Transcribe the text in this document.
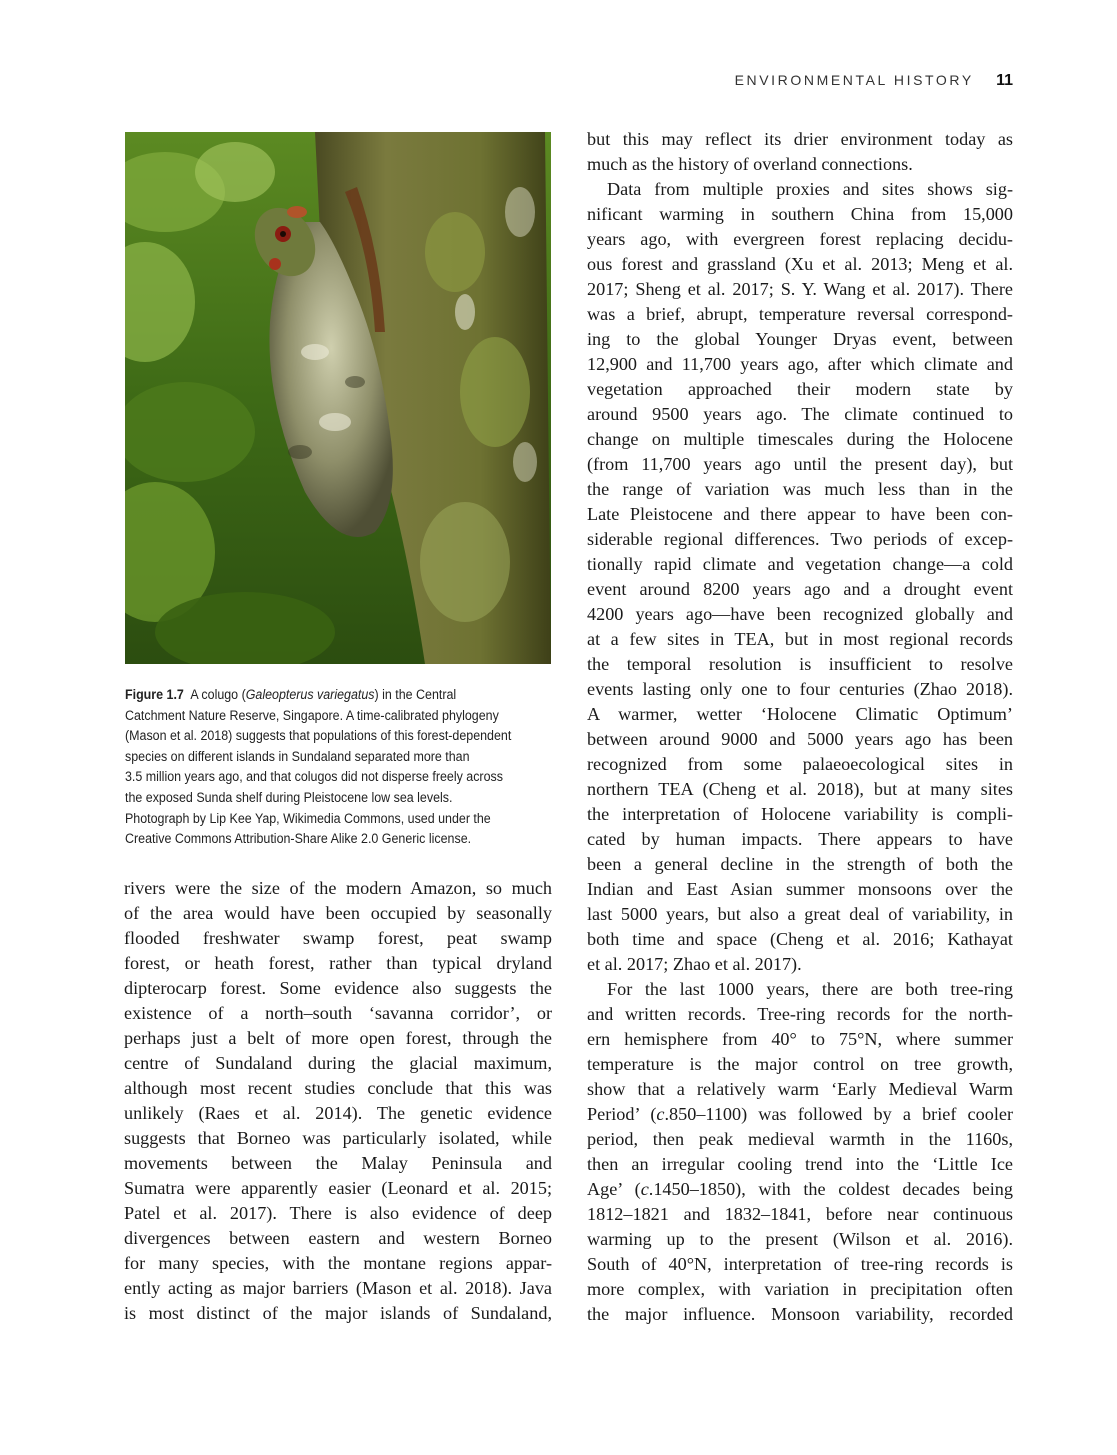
ENVIRONMENTAL HISTORY 11

Figure 1.7 A colugo (Galeopterus variegatus) in the Central

Catchment Nature Reserve, Singapore. A time-calibrated phylogeny

(Mason et al. 2018) suggests that populations of this forest-dependent

species on different islands in Sundaland separated more than

3.5 million years ago, and that colugos did not disperse freely across

the exposed Sunda shelf during Pleistocene low sea levels.

Photograph by Lip Kee Yap, Wikimedia Commons, used under the

Creative Commons Attribution-Share Alike 2.0 Generic license.

rivers were the size of the modern Amazon, so much
of the area would have been occupied by seasonally
flooded freshwater swamp forest, peat swamp
forest, or heath forest, rather than typical dryland
dipterocarp forest. Some evidence also suggests the
existence of a north–south ‘savanna corridor’, or
perhaps just a belt of more open forest, through the
centre of Sundaland during the glacial maximum,
although most recent studies conclude that this was
unlikely (Raes et al. 2014). The genetic evidence
suggests that Borneo was particularly isolated, while
movements between the Malay Peninsula and
Sumatra were apparently easier (Leonard et al. 2015;
Patel et al. 2017). There is also evidence of deep
divergences between eastern and western Borneo
for many species, with the montane regions appar-
ently acting as major barriers (Mason et al. 2018). Java
is most distinct of the major islands of Sundaland,
but this may reflect its drier environment today as
much as the history of overland connections.
Data from multiple proxies and sites shows sig-
nificant warming in southern China from 15,000
years ago, with evergreen forest replacing decidu-
ous forest and grassland (Xu et al. 2013; Meng et al.
2017; Sheng et al. 2017; S. Y. Wang et al. 2017). There
was a brief, abrupt, temperature reversal correspond-
ing to the global Younger Dryas event, between
12,900 and 11,700 years ago, after which climate and
vegetation approached their modern state by
around 9500 years ago. The climate continued to
change on multiple timescales during the Holocene
(from 11,700 years ago until the present day), but
the range of variation was much less than in the
Late Pleistocene and there appear to have been con-
siderable regional differences. Two periods of excep-
tionally rapid climate and vegetation change—a cold
event around 8200 years ago and a drought event
4200 years ago—have been recognized globally and
at a few sites in TEA, but in most regional records
the temporal resolution is insufficient to resolve
events lasting only one to four centuries (Zhao 2018).
A warmer, wetter ‘Holocene Climatic Optimum’
between around 9000 and 5000 years ago has been
recognized from some palaeoecological sites in
northern TEA (Cheng et al. 2018), but at many sites
the interpretation of Holocene variability is compli-
cated by human impacts. There appears to have
been a general decline in the strength of both the
Indian and East Asian summer monsoons over the
last 5000 years, but also a great deal of variability, in
both time and space (Cheng et al. 2016; Kathayat
et al. 2017; Zhao et al. 2017).
For the last 1000 years, there are both tree-ring
and written records. Tree-ring records for the north-
ern hemisphere from 40° to 75°N, where summer
temperature is the major control on tree growth,
show that a relatively warm ‘Early Medieval Warm
Period’ (c.850–1100) was followed by a brief cooler
period, then peak medieval warmth in the 1160s,
then an irregular cooling trend into the ‘Little Ice
Age’ (c.1450–1850), with the coldest decades being
1812–1821 and 1832–1841, before near continuous
warming up to the present (Wilson et al. 2016).
South of 40°N, interpretation of tree-ring records is
more complex, with variation in precipitation often
the major influence. Monsoon variability, recorded
